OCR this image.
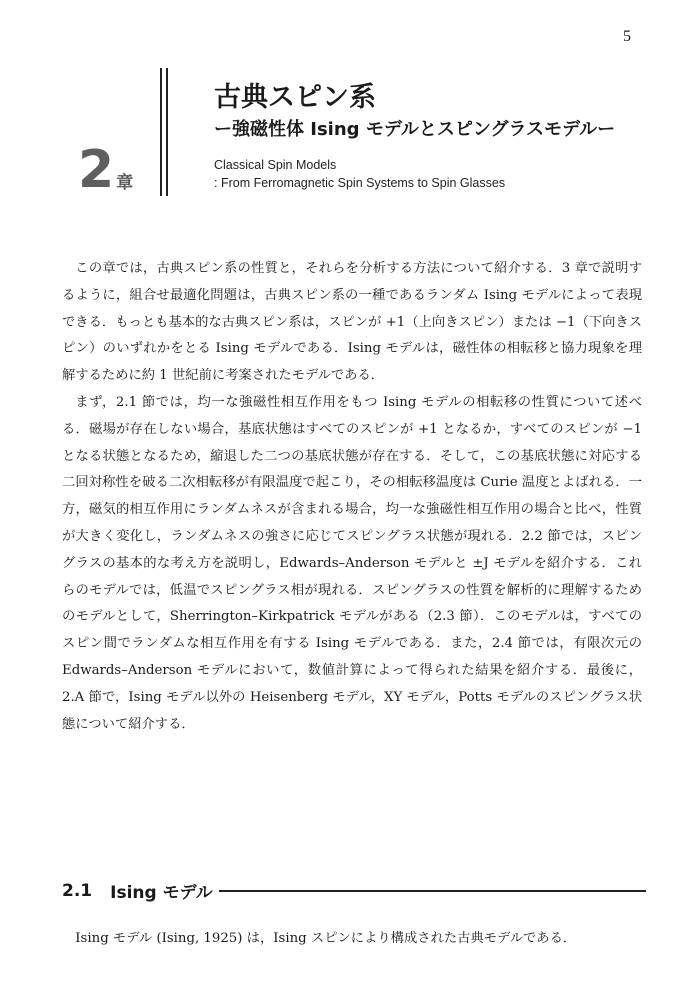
5
2 章
古典スピン系
ー強磁性体 Ising モデルとスピングラスモデルー
Classical Spin Models
: From Ferromagnetic Spin Systems to Spin Glasses

この章では，古典スピン系の性質と，それらを分析する方法について紹介する．3 章で説明するように，組合せ最適化問題は，古典スピン系の一種であるランダム Ising モデルによって表現できる．もっとも基本的な古典スピン系は，スピンが +1（上向きスピン）または −1（下向きスピン）のいずれかをとる Ising モデルである．Ising モデルは，磁性体の相転移と協力現象を理解するために約 1 世紀前に考案されたモデルである．

まず，2.1 節では，均一な強磁性相互作用をもつ Ising モデルの相転移の性質について述べる．磁場が存在しない場合，基底状態はすべてのスピンが +1 となるか，すべてのスピンが −1 となる状態となるため，縮退した二つの基底状態が存在する．そして，この基底状態に対応する二回対称性を破る二次相転移が有限温度で起こり，その相転移温度は Curie 温度とよばれる．一方，磁気的相互作用にランダムネスが含まれる場合，均一な強磁性相互作用の場合と比べ，性質が大きく変化し，ランダムネスの強さに応じてスピングラス状態が現れる．2.2 節では，スピングラスの基本的な考え方を説明し，Edwards–Anderson モデルと ±J モデルを紹介する．これらのモデルでは，低温でスピングラス相が現れる．スピングラスの性質を解析的に理解するためのモデルとして，Sherrington–Kirkpatrick モデルがある（2.3 節）．このモデルは，すべてのスピン間でランダムな相互作用を有する Ising モデルである．また，2.4 節では，有限次元の Edwards–Anderson モデルにおいて，数値計算によって得られた結果を紹介する．最後に，2.A 節で，Ising モデル以外の Heisenberg モデル，XY モデル，Potts モデルのスピングラス状態について紹介する．

2.1 Ising モデル

Ising モデル (Ising, 1925) は，Ising スピンにより構成された古典モデルである．
